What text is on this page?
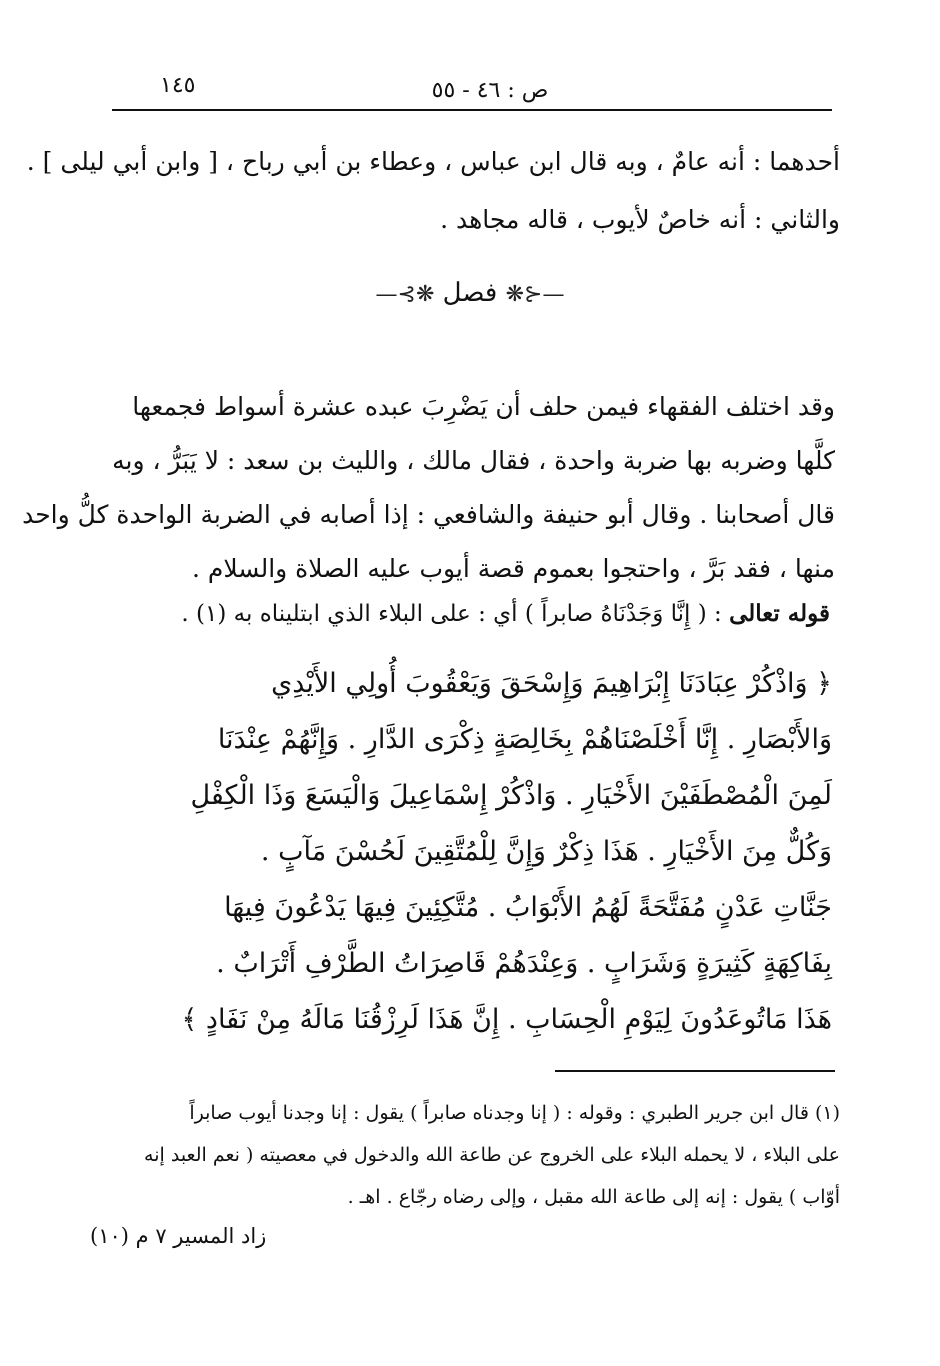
١٤٥	ص : ٤٦ - ٥٥
أحدهما : أنه عامٌ ، وبه قال ابن عباس ، وعطاء بن أبي رباح ، [ وابن أبي ليلى ] .
والثاني : أنه خاصٌ لأيوب ، قاله مجاهد .
—⊰❋ فصل ❋⊱—
وقد اختلف الفقهاء فيمن حلف أن يَضْرِبَ عبده عشرة أسواط فجمعها
كلَّها وضربه بها ضربة واحدة ، فقال مالك ، والليث بن سعد : لا يَبَرُّ ، وبه
قال أصحابنا . وقال أبو حنيفة والشافعي : إذا أصابه في الضربة الواحدة كلُّ واحد
منها ، فقد بَرَّ ، واحتجوا بعموم قصة أيوب عليه الصلاة والسلام .
قوله تعالى : ( إِنَّا وَجَدْنَاهُ صابراً ) أي : على البلاء الذي ابتليناه به (١) .
﴿ وَاذْكُرْ عِبَادَنَا إِبْرَاهِيمَ وَإِسْحَقَ وَيَعْقُوبَ أُولِي الأَيْدِي
وَالأَبْصَارِ . إِنَّا أَخْلَصْنَاهُمْ بِخَالِصَةٍ ذِكْرَى الدَّارِ . وَإِنَّهُمْ عِنْدَنَا
لَمِنَ الْمُصْطَفَيْنَ الأَخْيَارِ . وَاذْكُرْ إِسْمَاعِيلَ وَالْيَسَعَ وَذَا الْكِفْلِ
وَكُلٌّ مِنَ الأَخْيَارِ . هَذَا ذِكْرٌ وَإِنَّ لِلْمُتَّقِينَ لَحُسْنَ مَآبٍ .
جَنَّاتِ عَدْنٍ مُفَتَّحَةً لَهُمُ الأَبْوَابُ . مُتَّكِئِينَ فِيهَا يَدْعُونَ فِيهَا
بِفَاكِهَةٍ كَثِيرَةٍ وَشَرَابٍ . وَعِنْدَهُمْ قَاصِرَاتُ الطَّرْفِ أَتْرَابٌ .
هَذَا مَاتُوعَدُونَ لِيَوْمِ الْحِسَابِ . إِنَّ هَذَا لَرِزْقُنَا مَالَهُ مِنْ نَفَادٍ ﴾
(١) قال ابن جرير الطبري : وقوله : ( إنا وجدناه صابراً ) يقول : إنا وجدنا أيوب صابراً
على البلاء ، لا يحمله البلاء على الخروج عن طاعة الله والدخول في معصيته ( نعم العبد إنه
أوّاب ) يقول : إنه إلى طاعة الله مقبل ، وإلى رضاه رجّاع . اهـ .
زاد المسير ٧ م (١٠)
